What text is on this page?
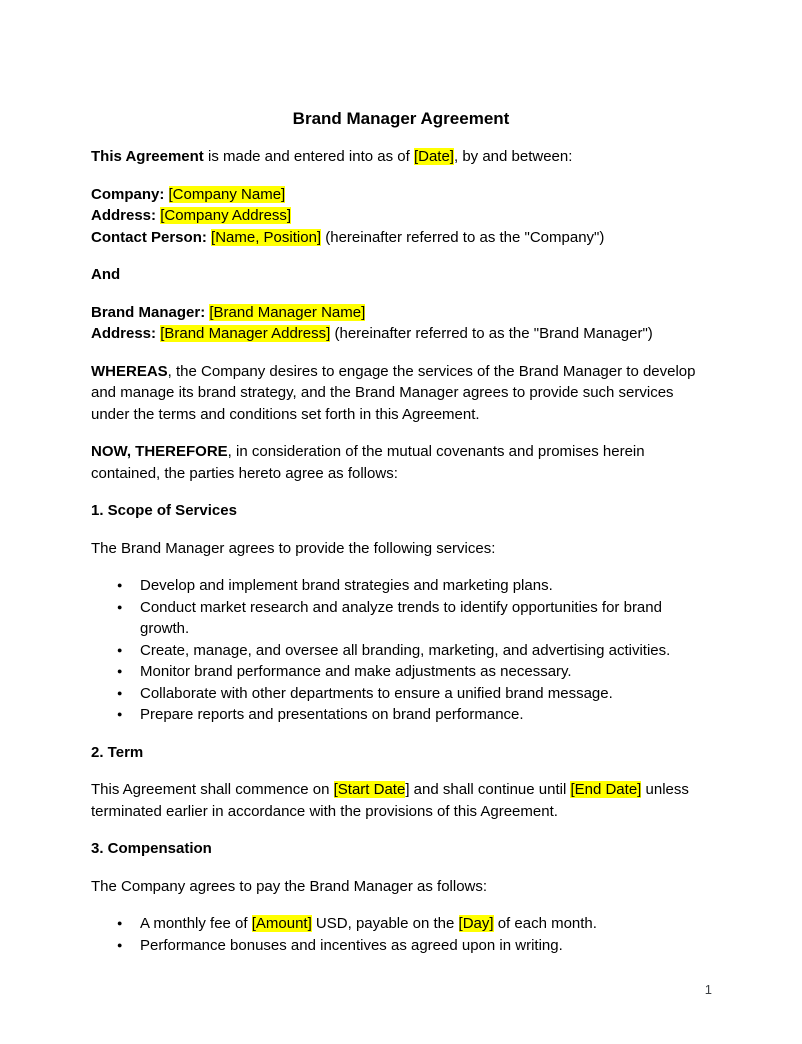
Brand Manager Agreement

This Agreement is made and entered into as of [Date], by and between:

Company: [Company Name]
Address: [Company Address]
Contact Person: [Name, Position] (hereinafter referred to as the "Company")

And

Brand Manager: [Brand Manager Name]
Address: [Brand Manager Address] (hereinafter referred to as the "Brand Manager")

WHEREAS, the Company desires to engage the services of the Brand Manager to develop and manage its brand strategy, and the Brand Manager agrees to provide such services under the terms and conditions set forth in this Agreement.

NOW, THEREFORE, in consideration of the mutual covenants and promises herein contained, the parties hereto agree as follows:

1. Scope of Services

The Brand Manager agrees to provide the following services:

● Develop and implement brand strategies and marketing plans.
● Conduct market research and analyze trends to identify opportunities for brand growth.
● Create, manage, and oversee all branding, marketing, and advertising activities.
● Monitor brand performance and make adjustments as necessary.
● Collaborate with other departments to ensure a unified brand message.
● Prepare reports and presentations on brand performance.
2. Term

This Agreement shall commence on [Start Date] and shall continue until [End Date] unless terminated earlier in accordance with the provisions of this Agreement.

3. Compensation

The Company agrees to pay the Brand Manager as follows:

● A monthly fee of [Amount] USD, payable on the [Day] of each month.
● Performance bonuses and incentives as agreed upon in writing.
1
